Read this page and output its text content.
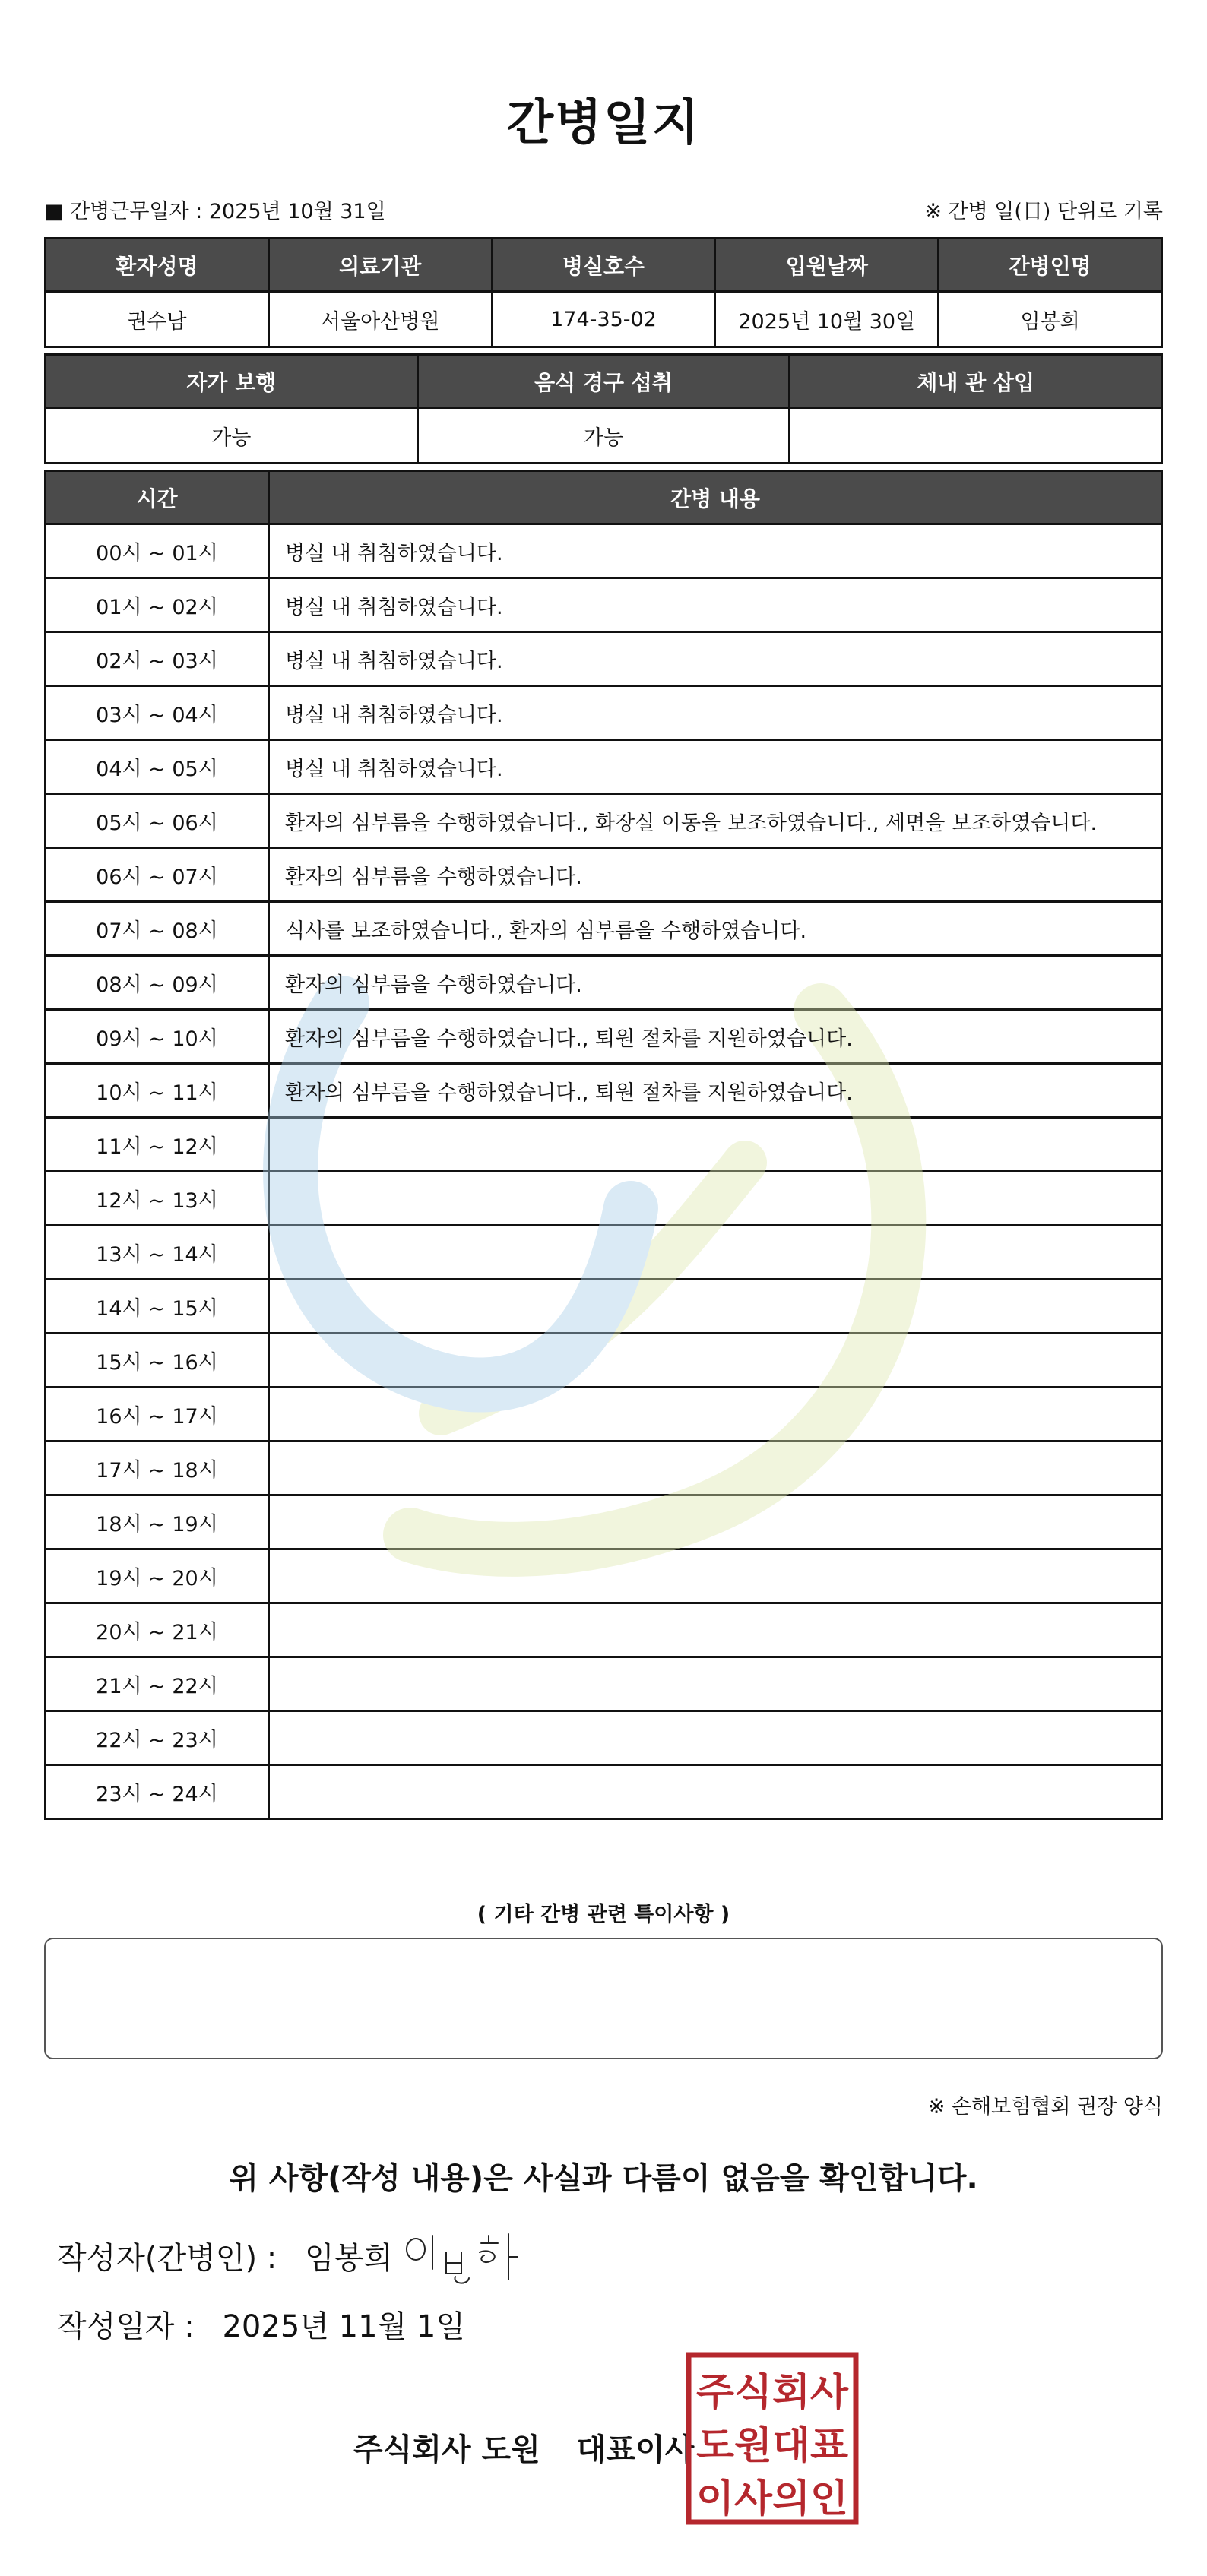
간병일지
■ 간병근무일자 : 2025년 10월 31일	※ 간병 일(日) 단위로 기록
환자성명	의료기관	병실호수	입원날짜	간병인명
권수남	서울아산병원	174-35-02	2025년 10월 30일	임봉희
자가 보행	음식 경구 섭취	체내 관 삽입
가능	가능	
시간	간병 내용
00시 ~ 01시	병실 내 취침하였습니다.
01시 ~ 02시	병실 내 취침하였습니다.
02시 ~ 03시	병실 내 취침하였습니다.
03시 ~ 04시	병실 내 취침하였습니다.
04시 ~ 05시	병실 내 취침하였습니다.
05시 ~ 06시	환자의 심부름을 수행하였습니다., 화장실 이동을 보조하였습니다., 세면을 보조하였습니다.
06시 ~ 07시	환자의 심부름을 수행하였습니다.
07시 ~ 08시	식사를 보조하였습니다., 환자의 심부름을 수행하였습니다.
08시 ~ 09시	환자의 심부름을 수행하였습니다.
09시 ~ 10시	환자의 심부름을 수행하였습니다., 퇴원 절차를 지원하였습니다.
10시 ~ 11시	환자의 심부름을 수행하였습니다., 퇴원 절차를 지원하였습니다.
11시 ~ 12시	
12시 ~ 13시	
13시 ~ 14시	
14시 ~ 15시	
15시 ~ 16시	
16시 ~ 17시	
17시 ~ 18시	
18시 ~ 19시	
19시 ~ 20시	
20시 ~ 21시	
21시 ~ 22시	
22시 ~ 23시	
23시 ~ 24시	
( 기타 간병 관련 특이사항 )
※ 손해보험협회 권장 양식
위 사항(작성 내용)은 사실과 다름이 없음을 확인합니다.
작성자(간병인) : 임봉희
작성일자 : 2025년 11월 1일
주식회사 도원 대표이사
주식회사
도원대표
이사의인
